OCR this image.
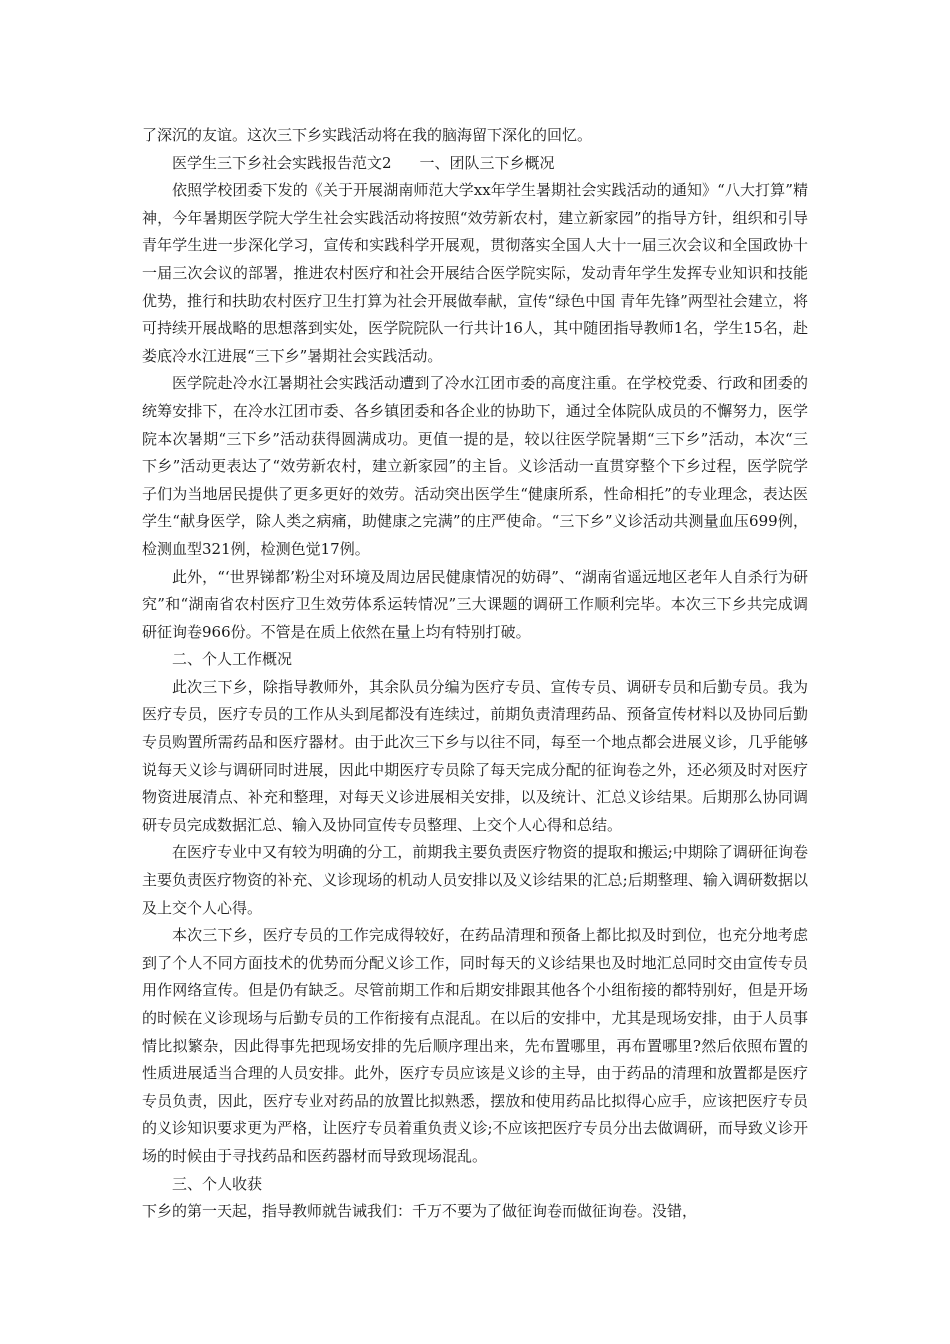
了深沉的友谊。这次三下乡实践活动将在我的脑海留下深化的回忆。

医学生三下乡社会实践报告范文2 一、团队三下乡概况

依照学校团委下发的《关于开展湖南师范大学xx年学生暑期社会实践活动的通知》“八大打算”精神，今年暑期医学院大学生社会实践活动将按照“效劳新农村，建立新家园”的指导方针，组织和引导青年学生进一步深化学习，宣传和实践科学开展观，贯彻落实全国人大十一届三次会议和全国政协十一届三次会议的部署，推进农村医疗和社会开展结合医学院实际，发动青年学生发挥专业知识和技能优势，推行和扶助农村医疗卫生打算为社会开展做奉献，宣传“绿色中国 青年先锋”两型社会建立，将可持续开展战略的思想落到实处，医学院院队一行共计16人，其中随团指导教师1名，学生15名，赴娄底冷水江进展“三下乡”暑期社会实践活动。

医学院赴冷水江暑期社会实践活动遭到了冷水江团市委的高度注重。在学校党委、行政和团委的统筹安排下，在冷水江团市委、各乡镇团委和各企业的协助下，通过全体院队成员的不懈努力，医学院本次暑期“三下乡”活动获得圆满成功。更值一提的是，较以往医学院暑期“三下乡”活动，本次“三下乡”活动更表达了“效劳新农村，建立新家园”的主旨。义诊活动一直贯穿整个下乡过程，医学院学子们为当地居民提供了更多更好的效劳。活动突出医学生“健康所系，性命相托”的专业理念，表达医学生“献身医学，除人类之病痛，助健康之完满”的庄严使命。“三下乡”义诊活动共测量血压699例，检测血型321例，检测色觉17例。

此外，“‘世界锑都’粉尘对环境及周边居民健康情况的妨碍”、“湖南省遥远地区老年人自杀行为研究”和“湖南省农村医疗卫生效劳体系运转情况”三大课题的调研工作顺利完毕。本次三下乡共完成调研征询卷966份。不管是在质上依然在量上均有特别打破。

二、个人工作概况

此次三下乡，除指导教师外，其余队员分编为医疗专员、宣传专员、调研专员和后勤专员。我为医疗专员，医疗专员的工作从头到尾都没有连续过，前期负责清理药品、预备宣传材料以及协同后勤专员购置所需药品和医疗器材。由于此次三下乡与以往不同，每至一个地点都会进展义诊，几乎能够说每天义诊与调研同时进展，因此中期医疗专员除了每天完成分配的征询卷之外，还必须及时对医疗物资进展清点、补充和整理，对每天义诊进展相关安排，以及统计、汇总义诊结果。后期那么协同调研专员完成数据汇总、输入及协同宣传专员整理、上交个人心得和总结。

在医疗专业中又有较为明确的分工，前期我主要负责医疗物资的提取和搬运;中期除了调研征询卷主要负责医疗物资的补充、义诊现场的机动人员安排以及义诊结果的汇总;后期整理、输入调研数据以及上交个人心得。

本次三下乡，医疗专员的工作完成得较好，在药品清理和预备上都比拟及时到位，也充分地考虑到了个人不同方面技术的优势而分配义诊工作，同时每天的义诊结果也及时地汇总同时交由宣传专员用作网络宣传。但是仍有缺乏。尽管前期工作和后期安排跟其他各个小组衔接的都特别好，但是开场的时候在义诊现场与后勤专员的工作衔接有点混乱。在以后的安排中，尤其是现场安排，由于人员事情比拟繁杂，因此得事先把现场安排的先后顺序理出来，先布置哪里，再布置哪里?然后依照布置的性质进展适当合理的人员安排。此外，医疗专员应该是义诊的主导，由于药品的清理和放置都是医疗专员负责，因此，医疗专业对药品的放置比拟熟悉，摆放和使用药品比拟得心应手，应该把医疗专员的义诊知识要求更为严格，让医疗专员着重负责义诊;不应该把医疗专员分出去做调研，而导致义诊开场的时候由于寻找药品和医药器材而导致现场混乱。

三、个人收获

下乡的第一天起，指导教师就告诫我们：千万不要为了做征询卷而做征询卷。没错，
